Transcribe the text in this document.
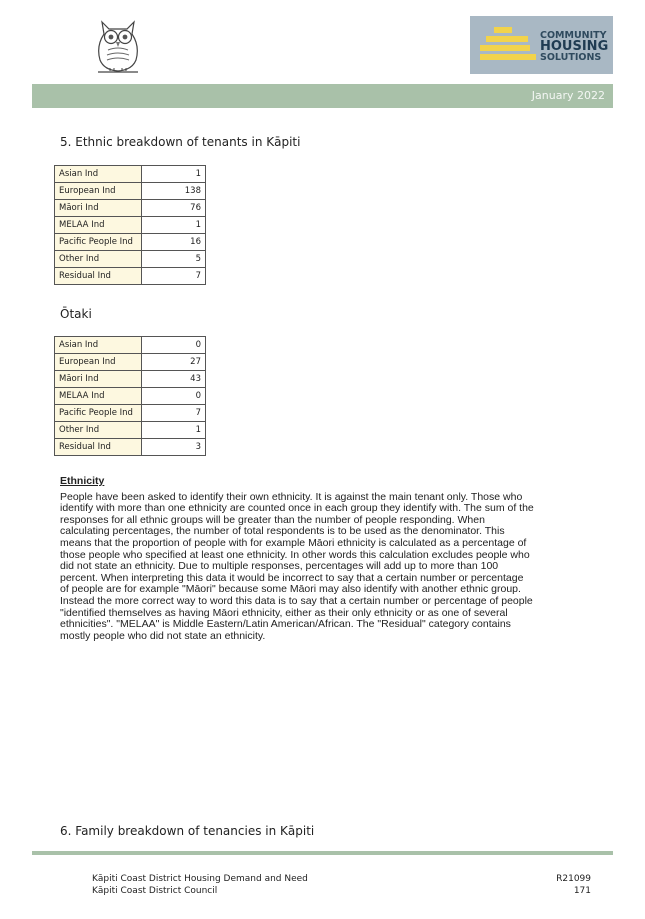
COMMUNITY
HOUSING
SOLUTIONS
January 2022
5. Ethnic breakdown of tenants in Kāpiti
Asian Ind	1
European Ind	138
Māori Ind	76
MELAA Ind	1
Pacific People Ind	16
Other Ind	5
Residual Ind	7
Ōtaki
Asian Ind	0
European Ind	27
Māori Ind	43
MELAA Ind	0
Pacific People Ind	7
Other Ind	1
Residual Ind	3
Ethnicity
People have been asked to identify their own ethnicity. It is against the main tenant only. Those who identify with more than one ethnicity are counted once in each group they identify with. The sum of the responses for all ethnic groups will be greater than the number of people responding. When calculating percentages, the number of total respondents is to be used as the denominator. This means that the proportion of people with for example Māori ethnicity is calculated as a percentage of those people who specified at least one ethnicity. In other words this calculation excludes people who did not state an ethnicity. Due to multiple responses, percentages will add up to more than 100 percent. When interpreting this data it would be incorrect to say that a certain number or percentage of people are for example "Māori" because some Māori may also identify with another ethnic group. Instead the more correct way to word this data is to say that a certain number or percentage of people "identified themselves as having Māori ethnicity, either as their only ethnicity or as one of several ethnicities". "MELAA" is Middle Eastern/Latin American/African. The "Residual" category contains mostly people who did not state an ethnicity.
6. Family breakdown of tenancies in Kāpiti
Kāpiti Coast District Housing Demand and Need
Kāpiti Coast District Council
R21099
171
